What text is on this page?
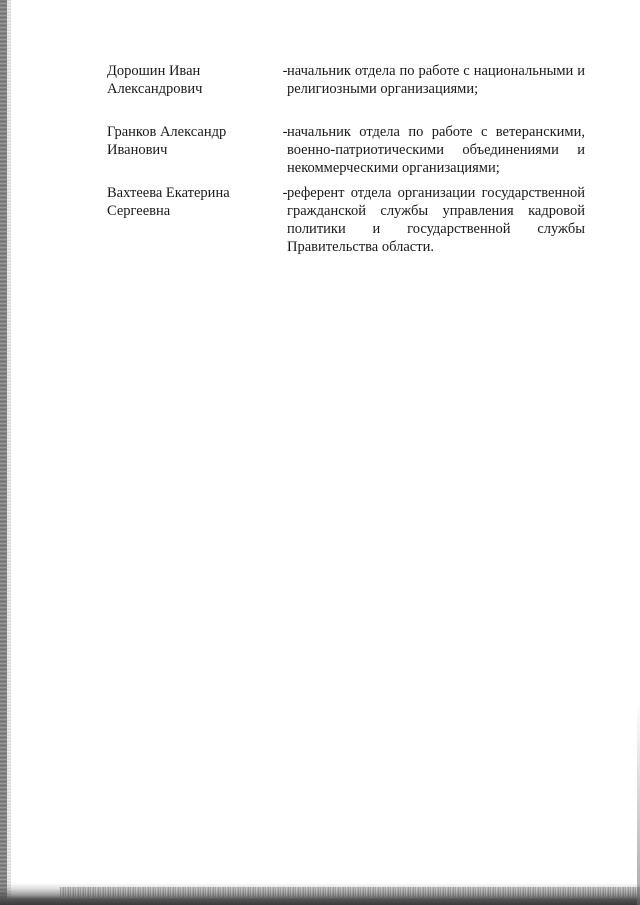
Дорошин Иван Александрович
- начальник отдела по работе с национальными и религиозными организациями;
Гранков Александр Иванович
- начальник отдела по работе с ветеранскими, военно-патриотическими объединениями и некоммерческими организациями;
Вахтеева Екатерина Сергеевна
- референт отдела организации государственной гражданской службы управления кадровой политики и государственной службы Правительства области.
